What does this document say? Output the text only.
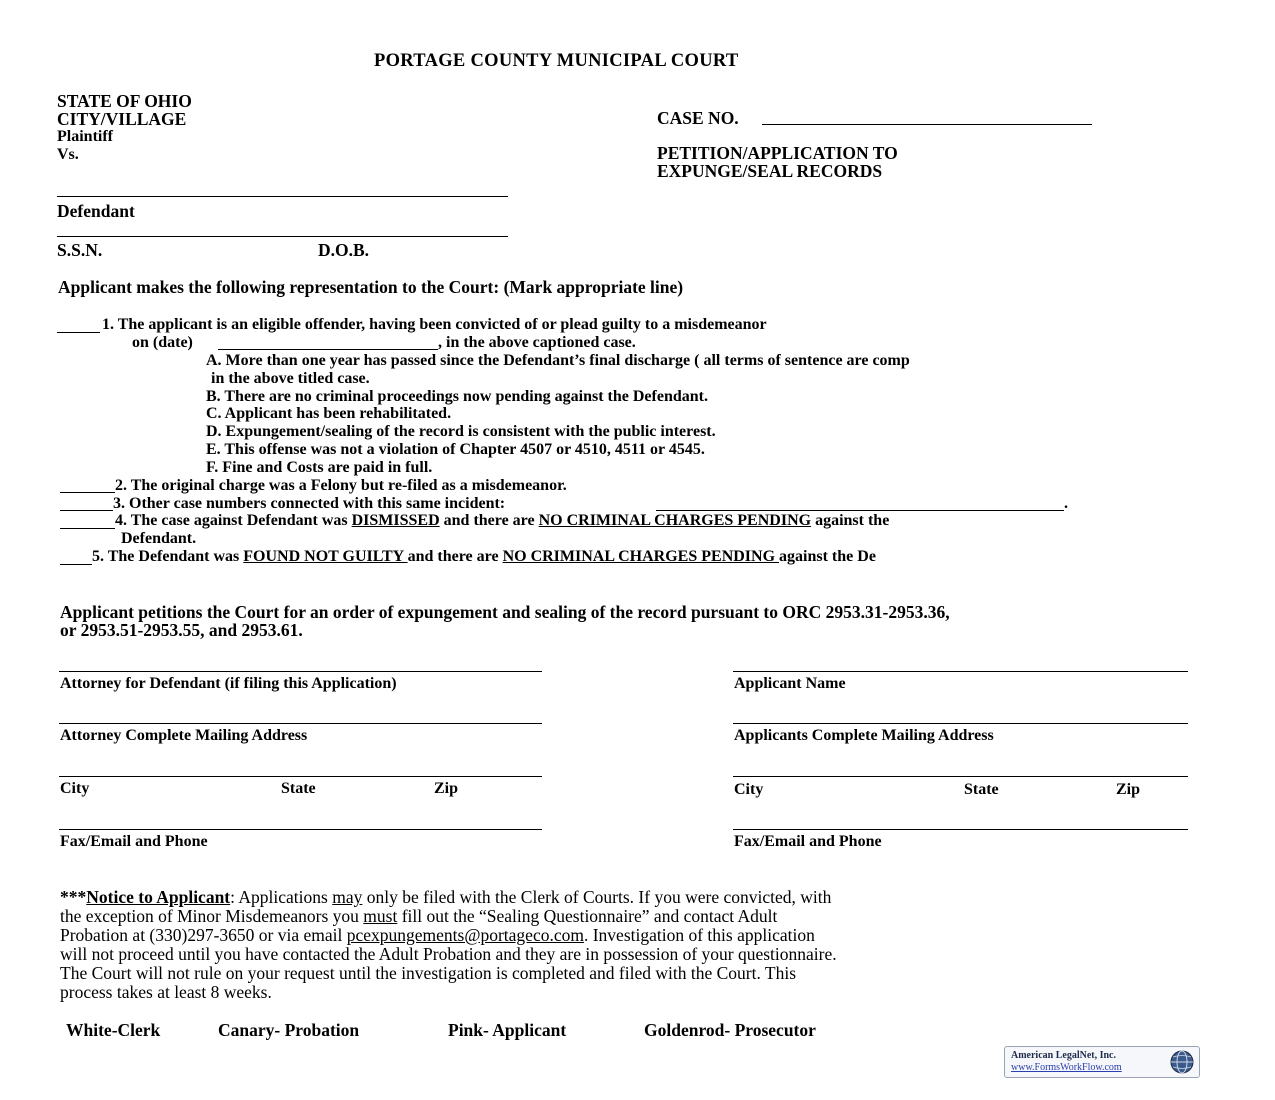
PORTAGE COUNTY MUNICIPAL COURT
STATE OF OHIO
CITY/VILLAGE
Plaintiff
Vs.
Defendant
S.S.N.	D.O.B.
CASE NO.
PETITION/APPLICATION TO
EXPUNGE/SEAL RECORDS
Applicant makes the following representation to the Court: (Mark appropriate line)
1. The applicant is an eligible offender, having been convicted of or plead guilty to a misdemeanor
on (date)	, in the above captioned case.
A. More than one year has passed since the Defendant’s final discharge ( all terms of sentence are comp
in the above titled case.
B. There are no criminal proceedings now pending against the Defendant.
C. Applicant has been rehabilitated.
D. Expungement/sealing of the record is consistent with the public interest.
E. This offense was not a violation of Chapter 4507 or 4510, 4511 or 4545.
F. Fine and Costs are paid in full.
2. The original charge was a Felony but re-filed as a misdemeanor.
3. Other case numbers connected with this same incident:	.
4. The case against Defendant was DISMISSED and there are NO CRIMINAL CHARGES PENDING against the
Defendant.
5. The Defendant was FOUND NOT GUILTY and there are NO CRIMINAL CHARGES PENDING against the De
Applicant petitions the Court for an order of expungement and sealing of the record pursuant to ORC 2953.31-2953.36,
or 2953.51-2953.55, and 2953.61.
Attorney for Defendant (if filing this Application)
Attorney Complete Mailing Address
City	State	Zip
Fax/Email and Phone
Applicant Name
Applicants Complete Mailing Address
City	State	Zip
Fax/Email and Phone
***Notice to Applicant: Applications may only be filed with the Clerk of Courts. If you were convicted, with
the exception of Minor Misdemeanors you must fill out the “Sealing Questionnaire” and contact Adult
Probation at (330)297-3650 or via email pcexpungements@portageco.com. Investigation of this application
will not proceed until you have contacted the Adult Probation and they are in possession of your questionnaire.
The Court will not rule on your request until the investigation is completed and filed with the Court. This
process takes at least 8 weeks.
White-Clerk	Canary- Probation	Pink- Applicant	Goldenrod- Prosecutor
American LegalNet, Inc.
www.FormsWorkFlow.com
